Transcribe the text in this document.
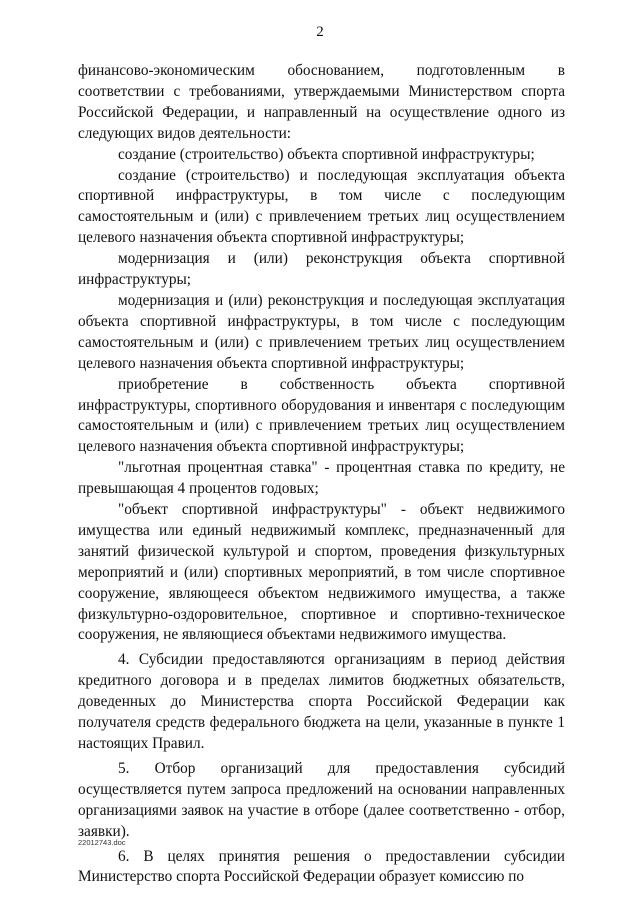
2

финансово-экономическим обоснованием, подготовленным в соответствии с требованиями, утверждаемыми Министерством спорта Российской Федерации, и направленный на осуществление одного из следующих видов деятельности:

создание (строительство) объекта спортивной инфраструктуры;

создание (строительство) и последующая эксплуатация объекта спортивной инфраструктуры, в том числе с последующим самостоятельным и (или) с привлечением третьих лиц осуществлением целевого назначения объекта спортивной инфраструктуры;

модернизация и (или) реконструкция объекта спортивной инфраструктуры;

модернизация и (или) реконструкция и последующая эксплуатация объекта спортивной инфраструктуры, в том числе с последующим самостоятельным и (или) с привлечением третьих лиц осуществлением целевого назначения объекта спортивной инфраструктуры;

приобретение в собственность объекта спортивной инфраструктуры, спортивного оборудования и инвентаря с последующим самостоятельным и (или) с привлечением третьих лиц осуществлением целевого назначения объекта спортивной инфраструктуры;

"льготная процентная ставка" - процентная ставка по кредиту, не превышающая 4 процентов годовых;

"объект спортивной инфраструктуры" - объект недвижимого имущества или единый недвижимый комплекс, предназначенный для занятий физической культурой и спортом, проведения физкультурных мероприятий и (или) спортивных мероприятий, в том числе спортивное сооружение, являющееся объектом недвижимого имущества, а также физкультурно-оздоровительное, спортивное и спортивно-техническое сооружения, не являющиеся объектами недвижимого имущества.

4. Субсидии предоставляются организациям в период действия кредитного договора и в пределах лимитов бюджетных обязательств, доведенных до Министерства спорта Российской Федерации как получателя средств федерального бюджета на цели, указанные в пункте 1 настоящих Правил.

5. Отбор организаций для предоставления субсидий осуществляется путем запроса предложений на основании направленных организациями заявок на участие в отборе (далее соответственно - отбор, заявки).

6. В целях принятия решения о предоставлении субсидии Министерство спорта Российской Федерации образует комиссию по

22012743.doc
